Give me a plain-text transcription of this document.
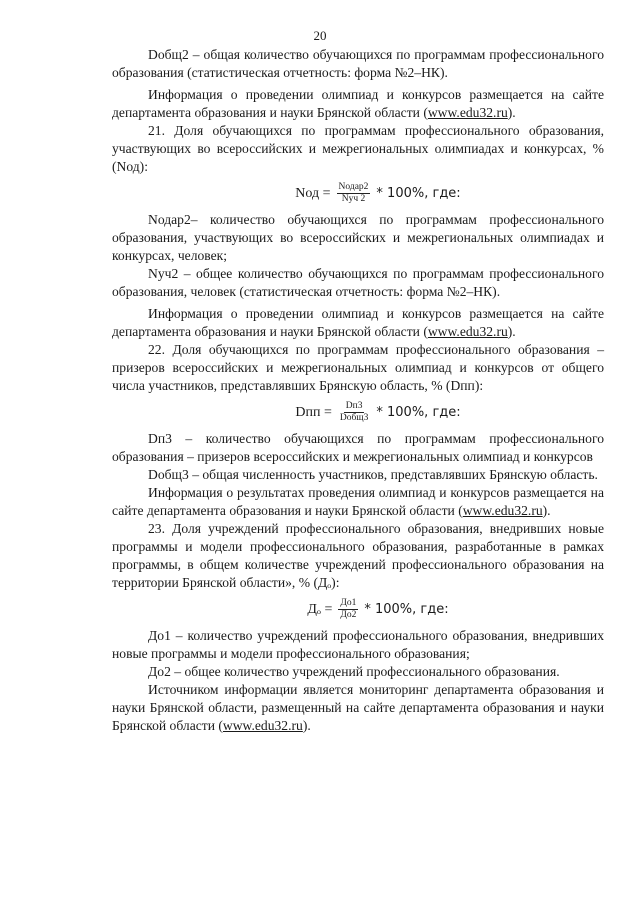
20

Dобщ2 – общая количество обучающихся по программам профессионального образования (статистическая отчетность: форма №2–НК).

Информация о проведении олимпиад и конкурсов размещается на сайте департамента образования и науки Брянской области (www.edu32.ru).

21. Доля обучающихся по программам профессионального образования, участвующих во всероссийских и межрегиональных олимпиадах и конкурсах, % (Nод):

Nод = $\frac{\text{Nодар2}}{\text{Nуч 2}} * 100\%$, где:

Nодар2– количество обучающихся по программам профессионального образования, участвующих во всероссийских и межрегиональных олимпиадах и конкурсах, человек;

Nуч2 – общее количество обучающихся по программам профессионального образования, человек (статистическая отчетность: форма №2–НК).

Информация о проведении олимпиад и конкурсов размещается на сайте департамента образования и науки Брянской области (www.edu32.ru).

22. Доля обучающихся по программам профессионального образования – призеров всероссийских и межрегиональных олимпиад и конкурсов от общего числа участников, представлявших Брянскую область, % (Dпп):

Dпп = $\frac{Dп3}{\text{Dобщ3}} * 100\%$, где:

Dп3 – количество обучающихся по программам профессионального образования – призеров всероссийских и межрегиональных олимпиад и конкурсов

Dобщ3 – общая численность участников, представлявших Брянскую область.

Информация о результатах проведения олимпиад и конкурсов размещается на сайте департамента образования и науки Брянской области (www.edu32.ru).

23. Доля учреждений профессионального образования, внедривших новые программы и модели профессионального образования, разработанные в рамках программы, в общем количестве учреждений профессионального образования на территории Брянской области», % (Дₒ):

$Д_o = \frac{До1}{До2} * 100\%$, где:

До1 – количество учреждений профессионального образования, внедривших новые программы и модели профессионального образования;

До2 – общее количество учреждений профессионального образования.

Источником информации является мониторинг департамента образования и науки Брянской области, размещенный на сайте департамента образования и науки Брянской области (www.edu32.ru).
